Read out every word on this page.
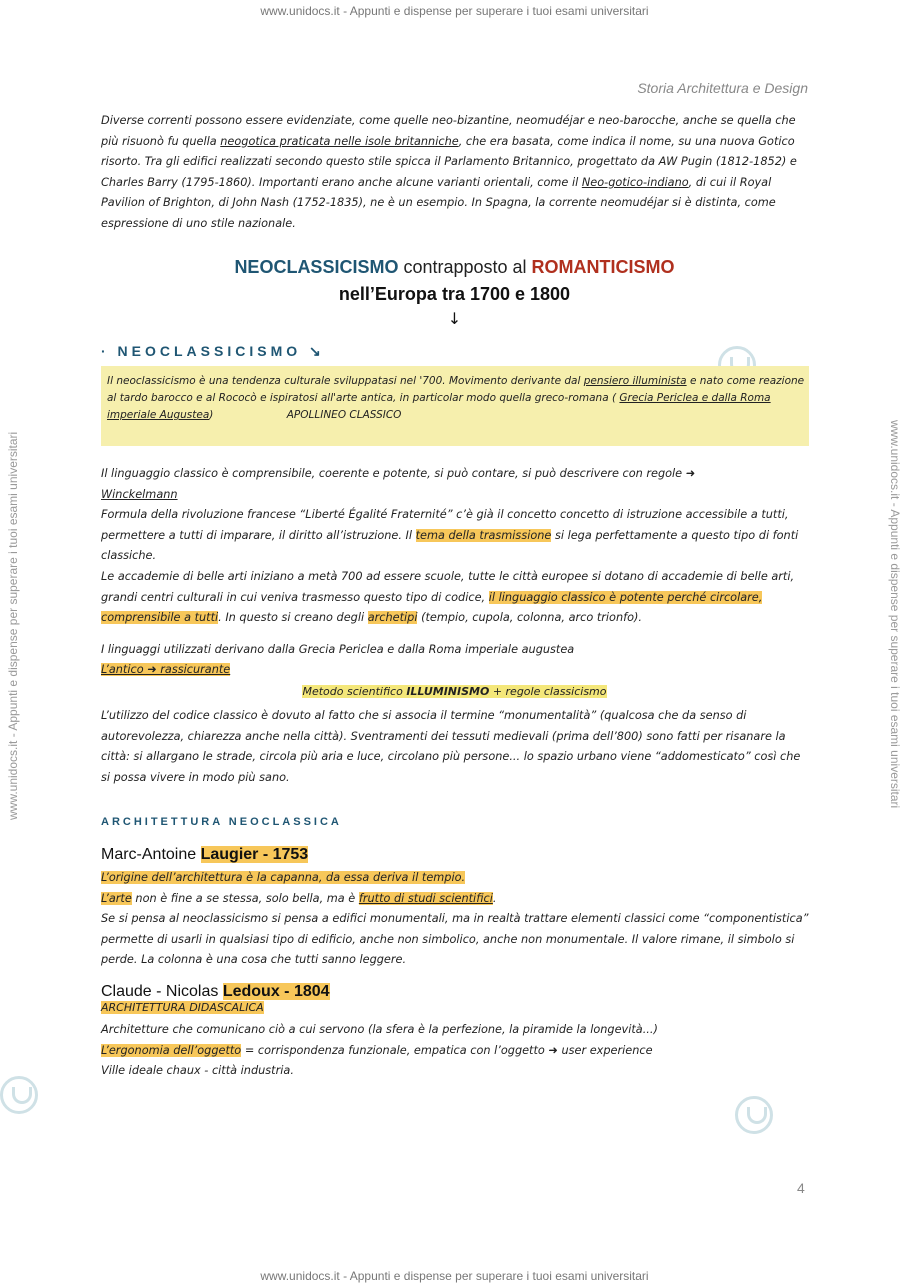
www.unidocs.it - Appunti e dispense per superare i tuoi esami universitari
www.unidocs.it - Appunti e dispense per superare i tuoi esami universitari	www.unidocs.it - Appunti e dispense per superare i tuoi esami universitari
Storia Architettura e Design
Diverse correnti possono essere evidenziate, come quelle neo-bizantine, neomudéjar e neo-barocche, anche se quella che più risuonò fu quella neogotica praticata nelle isole britanniche, che era basata, come indica il nome, su una nuova Gotico risorto. Tra gli edifici realizzati secondo questo stile spicca il Parlamento Britannico, progettato da AW Pugin (1812-1852) e Charles Barry (1795-1860). Importanti erano anche alcune varianti orientali, come il Neo-gotico-indiano, di cui il Royal Pavilion of Brighton, di John Nash (1752-1835), ne è un esempio. In Spagna, la corrente neomudéjar si è distinta, come espressione di uno stile nazionale.
NEOCLASSICISMO contrapposto al ROMANTICISMO
nell’Europa tra 1700 e 1800
↓
· NEOCLASSICISMO ↘
Il neoclassicismo è una tendenza culturale sviluppatasi nel '700. Movimento derivante dal pensiero illuminista e nato come reazione al tardo barocco e al Rococò e ispiratosi all'arte antica, in particolar modo quella greco-romana ( Grecia Periclea e dalla Roma imperiale Augustea)	APOLLINEO CLASSICO
Il linguaggio classico è comprensibile, coerente e potente, si può contare, si può descrivere con regole ➜
Winckelmann
Formula della rivoluzione francese “Liberté Égalité Fraternité” c’è già il concetto concetto di istruzione accessibile a tutti, permettere a tutti di imparare, il diritto all’istruzione. Il tema della trasmissione si lega perfettamente a questo tipo di fonti classiche.
Le accademie di belle arti iniziano a metà 700 ad essere scuole, tutte le città europee si dotano di accademie di belle arti, grandi centri culturali in cui veniva trasmesso questo tipo di codice, il linguaggio classico è potente perché circolare, comprensibile a tutti. In questo si creano degli archetipi (tempio, cupola, colonna, arco trionfo).
I linguaggi utilizzati derivano dalla Grecia Periclea e dalla Roma imperiale augustea
L’antico ➜ rassicurante
Metodo scientifico ILLUMINISMO + regole classicismo
L’utilizzo del codice classico è dovuto al fatto che si associa il termine “monumentalità” (qualcosa che da senso di autorevolezza, chiarezza anche nella città). Sventramenti dei tessuti medievali (prima dell’800) sono fatti per risanare la città: si allargano le strade, circola più aria e luce, circolano più persone... lo spazio urbano viene “addomesticato” così che si possa vivere in modo più sano.
ARCHITETTURA NEOCLASSICA
Marc-Antoine Laugier - 1753
L’origine dell’architettura è la capanna, da essa deriva il tempio.
L’arte non è fine a se stessa, solo bella, ma è frutto di studi scientifici.
Se si pensa al neoclassicismo si pensa a edifici monumentali, ma in realtà trattare elementi classici come “componentistica” permette di usarli in qualsiasi tipo di edificio, anche non simbolico, anche non monumentale. Il valore rimane, il simbolo si perde. La colonna è una cosa che tutti sanno leggere.
Claude - Nicolas Ledoux - 1804
ARCHITETTURA DIDASCALICA
Architetture che comunicano ciò a cui servono (la sfera è la perfezione, la piramide la longevità...)
L’ergonomia dell’oggetto = corrispondenza funzionale, empatica con l’oggetto ➜ user experience
Ville ideale chaux - città industria.
4
www.unidocs.it - Appunti e dispense per superare i tuoi esami universitari
